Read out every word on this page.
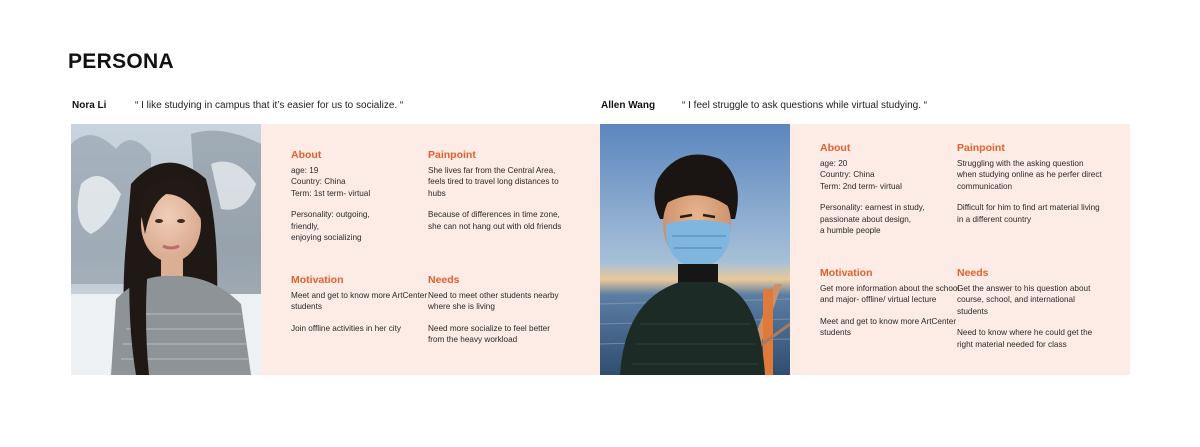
PERSONA
Nora Li	“ I like studying in campus that it’s easier for us to socialize. “
About

age: 19
Country: China
Term: 1st term- virtual

Personality: outgoing,
friendly,
enjoying socializing

Painpoint

She lives far from the Central Area, feels tired to travel long distances to hubs

Because of differences in time zone, she can not hang out with old friends

Motivation

Meet and get to know more ArtCenter students

Join offline activities in her city

Needs

Need to meet other students nearby where she is living

Need more socialize to feel better from the heavy workload

Allen Wang	“ I feel struggle to ask questions while virtual studying. “
About

age: 20
Country: China
Term: 2nd term- virtual

Personality: earnest in study, passionate about design,
a humble people

Painpoint

Struggling with the asking question when studying online as he perfer direct communication

Difficult for him to find art material living in a different country

Motivation

Get more information about the school and major- offline/ virtual lecture

Meet and get to know more ArtCenter students

Needs

Get the answer to his question about course, school, and international students

Need to know where he could get the right material needed for class
